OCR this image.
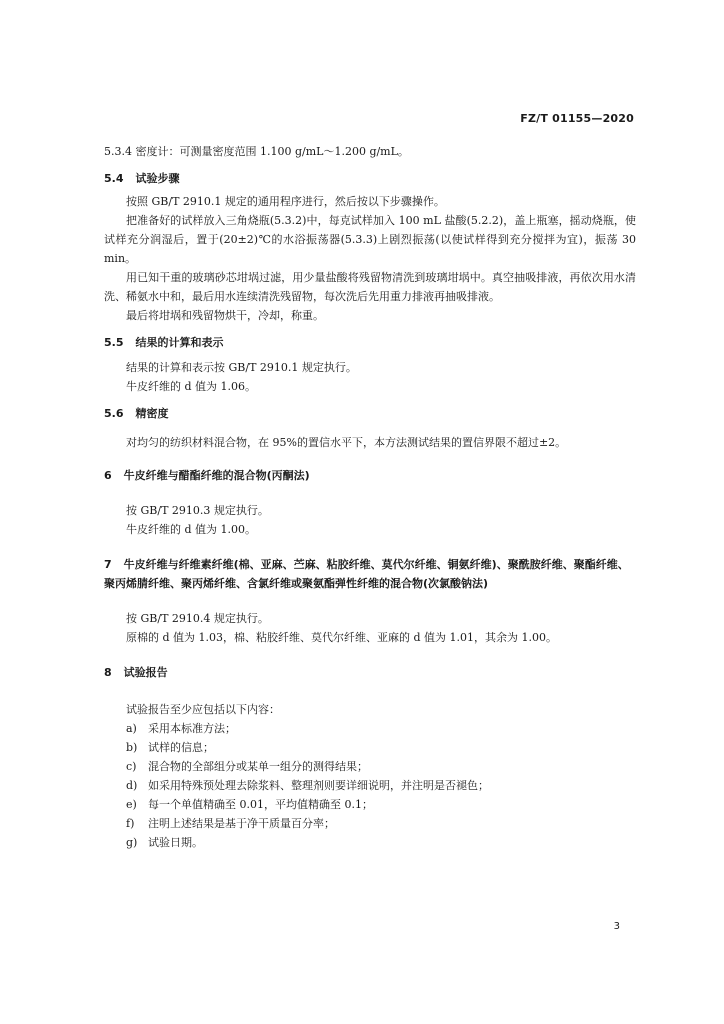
FZ/T 01155—2020
5.3.4 密度计：可测量密度范围 1.100 g/mL～1.200 g/mL。
5.4 试验步骤
按照 GB/T 2910.1 规定的通用程序进行，然后按以下步骤操作。
把准备好的试样放入三角烧瓶(5.3.2)中，每克试样加入 100 mL 盐酸(5.2.2)，盖上瓶塞，摇动烧瓶，使试样充分润湿后，置于(20±2)℃的水浴振荡器(5.3.3)上剧烈振荡(以使试样得到充分搅拌为宜)，振荡 30 min。
用已知干重的玻璃砂芯坩埚过滤，用少量盐酸将残留物清洗到玻璃坩埚中。真空抽吸排液，再依次用水清洗、稀氨水中和，最后用水连续清洗残留物，每次洗后先用重力排液再抽吸排液。
最后将坩埚和残留物烘干，冷却，称重。
5.5 结果的计算和表示
结果的计算和表示按 GB/T 2910.1 规定执行。
牛皮纤维的 d 值为 1.06。
5.6 精密度
对均匀的纺织材料混合物，在 95%的置信水平下，本方法测试结果的置信界限不超过±2。
6 牛皮纤维与醋酯纤维的混合物(丙酮法)
按 GB/T 2910.3 规定执行。
牛皮纤维的 d 值为 1.00。
7 牛皮纤维与纤维素纤维(棉、亚麻、苎麻、粘胶纤维、莫代尔纤维、铜氨纤维)、聚酰胺纤维、聚酯纤维、聚丙烯腈纤维、聚丙烯纤维、含氯纤维或聚氨酯弹性纤维的混合物(次氯酸钠法)
按 GB/T 2910.4 规定执行。
原棉的 d 值为 1.03，棉、粘胶纤维、莫代尔纤维、亚麻的 d 值为 1.01，其余为 1.00。
8 试验报告
试验报告至少应包括以下内容：
a) 采用本标准方法；
b) 试样的信息；
c) 混合物的全部组分或某单一组分的测得结果；
d) 如采用特殊预处理去除浆料、整理剂则要详细说明，并注明是否褪色；
e) 每一个单值精确至 0.01，平均值精确至 0.1；
f) 注明上述结果是基于净干质量百分率；
g) 试验日期。
3
